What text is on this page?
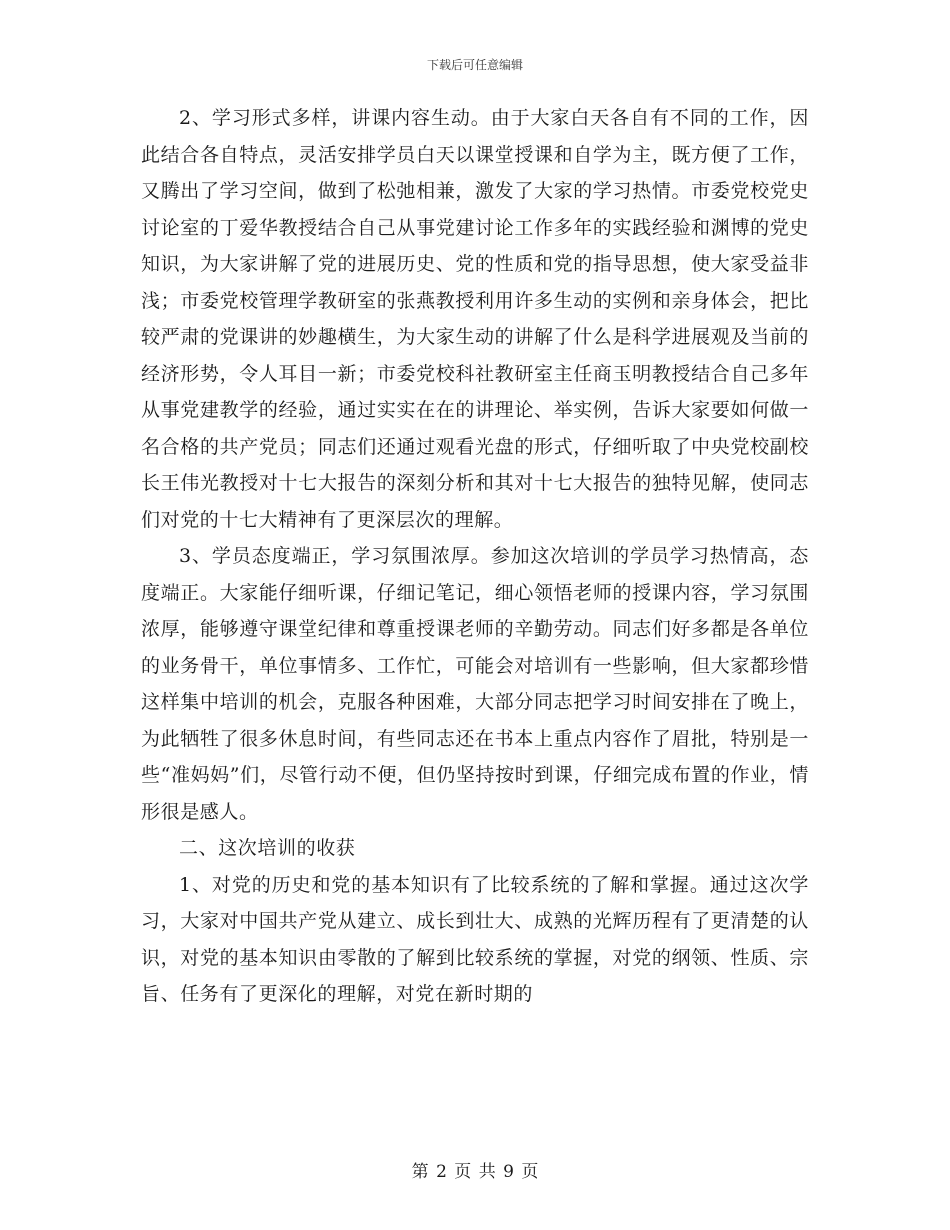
下载后可任意编辑

2、学习形式多样，讲课内容生动。由于大家白天各自有不同的工作，因此结合各自特点，灵活安排学员白天以课堂授课和自学为主，既方便了工作，又腾出了学习空间，做到了松弛相兼，激发了大家的学习热情。市委党校党史讨论室的丁爱华教授结合自己从事党建讨论工作多年的实践经验和渊博的党史知识，为大家讲解了党的进展历史、党的性质和党的指导思想，使大家受益非浅；市委党校管理学教研室的张燕教授利用许多生动的实例和亲身体会，把比较严肃的党课讲的妙趣横生，为大家生动的讲解了什么是科学进展观及当前的经济形势，令人耳目一新；市委党校科社教研室主任商玉明教授结合自己多年从事党建教学的经验，通过实实在在的讲理论、举实例，告诉大家要如何做一名合格的共产党员；同志们还通过观看光盘的形式，仔细听取了中央党校副校长王伟光教授对十七大报告的深刻分析和其对十七大报告的独特见解，使同志们对党的十七大精神有了更深层次的理解。

3、学员态度端正，学习氛围浓厚。参加这次培训的学员学习热情高，态度端正。大家能仔细听课，仔细记笔记，细心领悟老师的授课内容，学习氛围浓厚，能够遵守课堂纪律和尊重授课老师的辛勤劳动。同志们好多都是各单位的业务骨干，单位事情多、工作忙，可能会对培训有一些影响，但大家都珍惜这样集中培训的机会，克服各种困难，大部分同志把学习时间安排在了晚上，为此牺牲了很多休息时间，有些同志还在书本上重点内容作了眉批，特别是一些“准妈妈”们，尽管行动不便，但仍坚持按时到课，仔细完成布置的作业，情形很是感人。

二、这次培训的收获

1、对党的历史和党的基本知识有了比较系统的了解和掌握。通过这次学习，大家对中国共产党从建立、成长到壮大、成熟的光辉历程有了更清楚的认识，对党的基本知识由零散的了解到比较系统的掌握，对党的纲领、性质、宗旨、任务有了更深化的理解，对党在新时期的

第 2 页 共 9 页
